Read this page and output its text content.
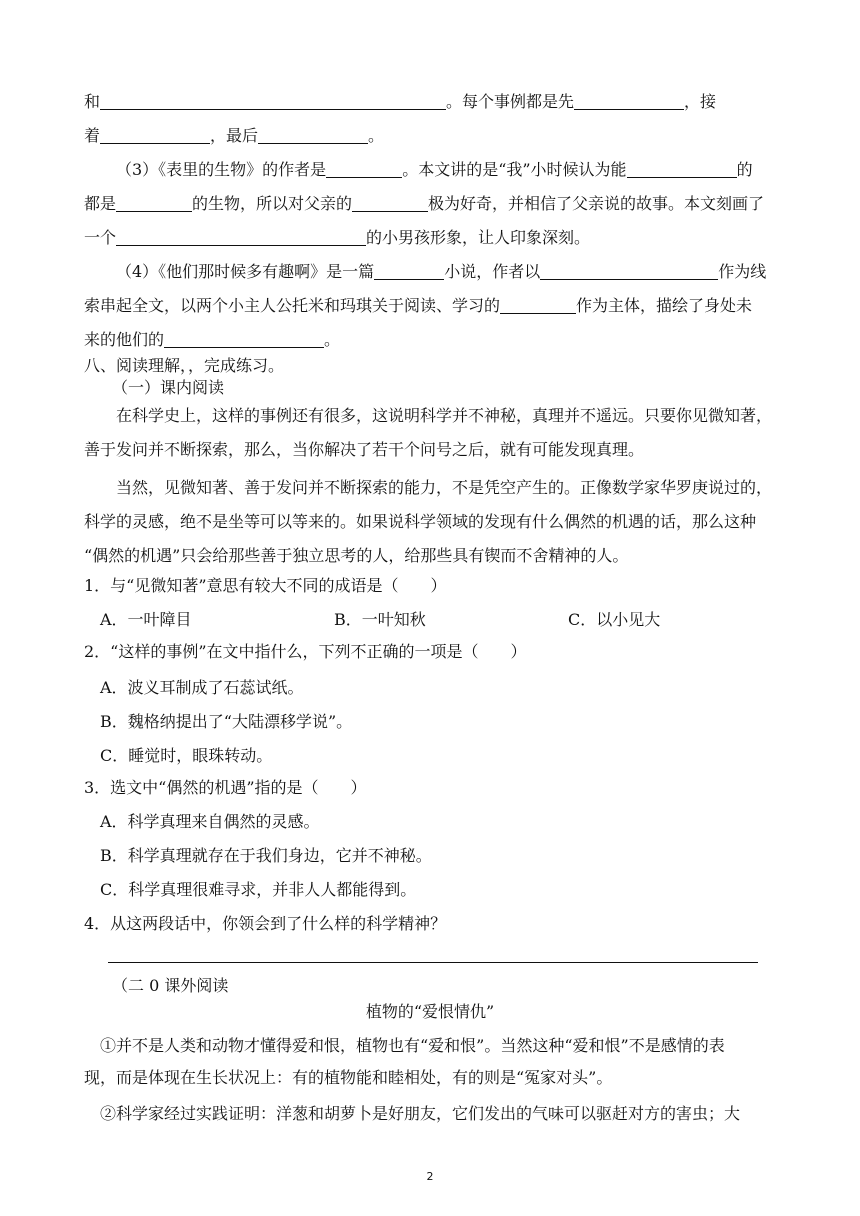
和	。每个事例都是先	，接
着	，最后	。
（3）《表里的生物》的作者是	。本文讲的是“我”小时候认为能	的
都是	的生物，所以对父亲的	极为好奇，并相信了父亲说的故事。本文刻画了
一个	的小男孩形象，让人印象深刻。
（4）《他们那时候多有趣啊》是一篇	小说，作者以	作为线
索串起全文，以两个小主人公托米和玛琪关于阅读、学习的	作为主体，描绘了身处未
来的他们的	。
八、阅读理解，，完成练习。
（一）课内阅读
在科学史上，这样的事例还有很多，这说明科学并不神秘，真理并不遥远。只要你见微知著，
善于发问并不断探索，那么，当你解决了若干个问号之后，就有可能发现真理。
当然，见微知著、善于发问并不断探索的能力，不是凭空产生的。正像数学家华罗庚说过的，
科学的灵感，绝不是坐等可以等来的。如果说科学领域的发现有什么偶然的机遇的话，那么这种
“偶然的机遇”只会给那些善于独立思考的人，给那些具有锲而不舍精神的人。
1．与“见微知著”意思有较大不同的成语是（　　）
A．一叶障目	B．一叶知秋	C．以小见大
2．“这样的事例”在文中指什么，下列不正确的一项是（　　）
A．波义耳制成了石蕊试纸。
B．魏格纳提出了“大陆漂移学说”。
C．睡觉时，眼珠转动。
3．选文中“偶然的机遇”指的是（　　）
A．科学真理来自偶然的灵感。
B．科学真理就存在于我们身边，它并不神秘。
C．科学真理很难寻求，并非人人都能得到。
4．从这两段话中，你领会到了什么样的科学精神？
（二 0 课外阅读
植物的“爱恨情仇”
①并不是人类和动物才懂得爱和恨，植物也有“爱和恨”。当然这种“爱和恨”不是感情的表
现，而是体现在生长状况上：有的植物能和睦相处，有的则是“冤家对头”。
②科学家经过实践证明：洋葱和胡萝卜是好朋友，它们发出的气味可以驱赶对方的害虫；大
2
